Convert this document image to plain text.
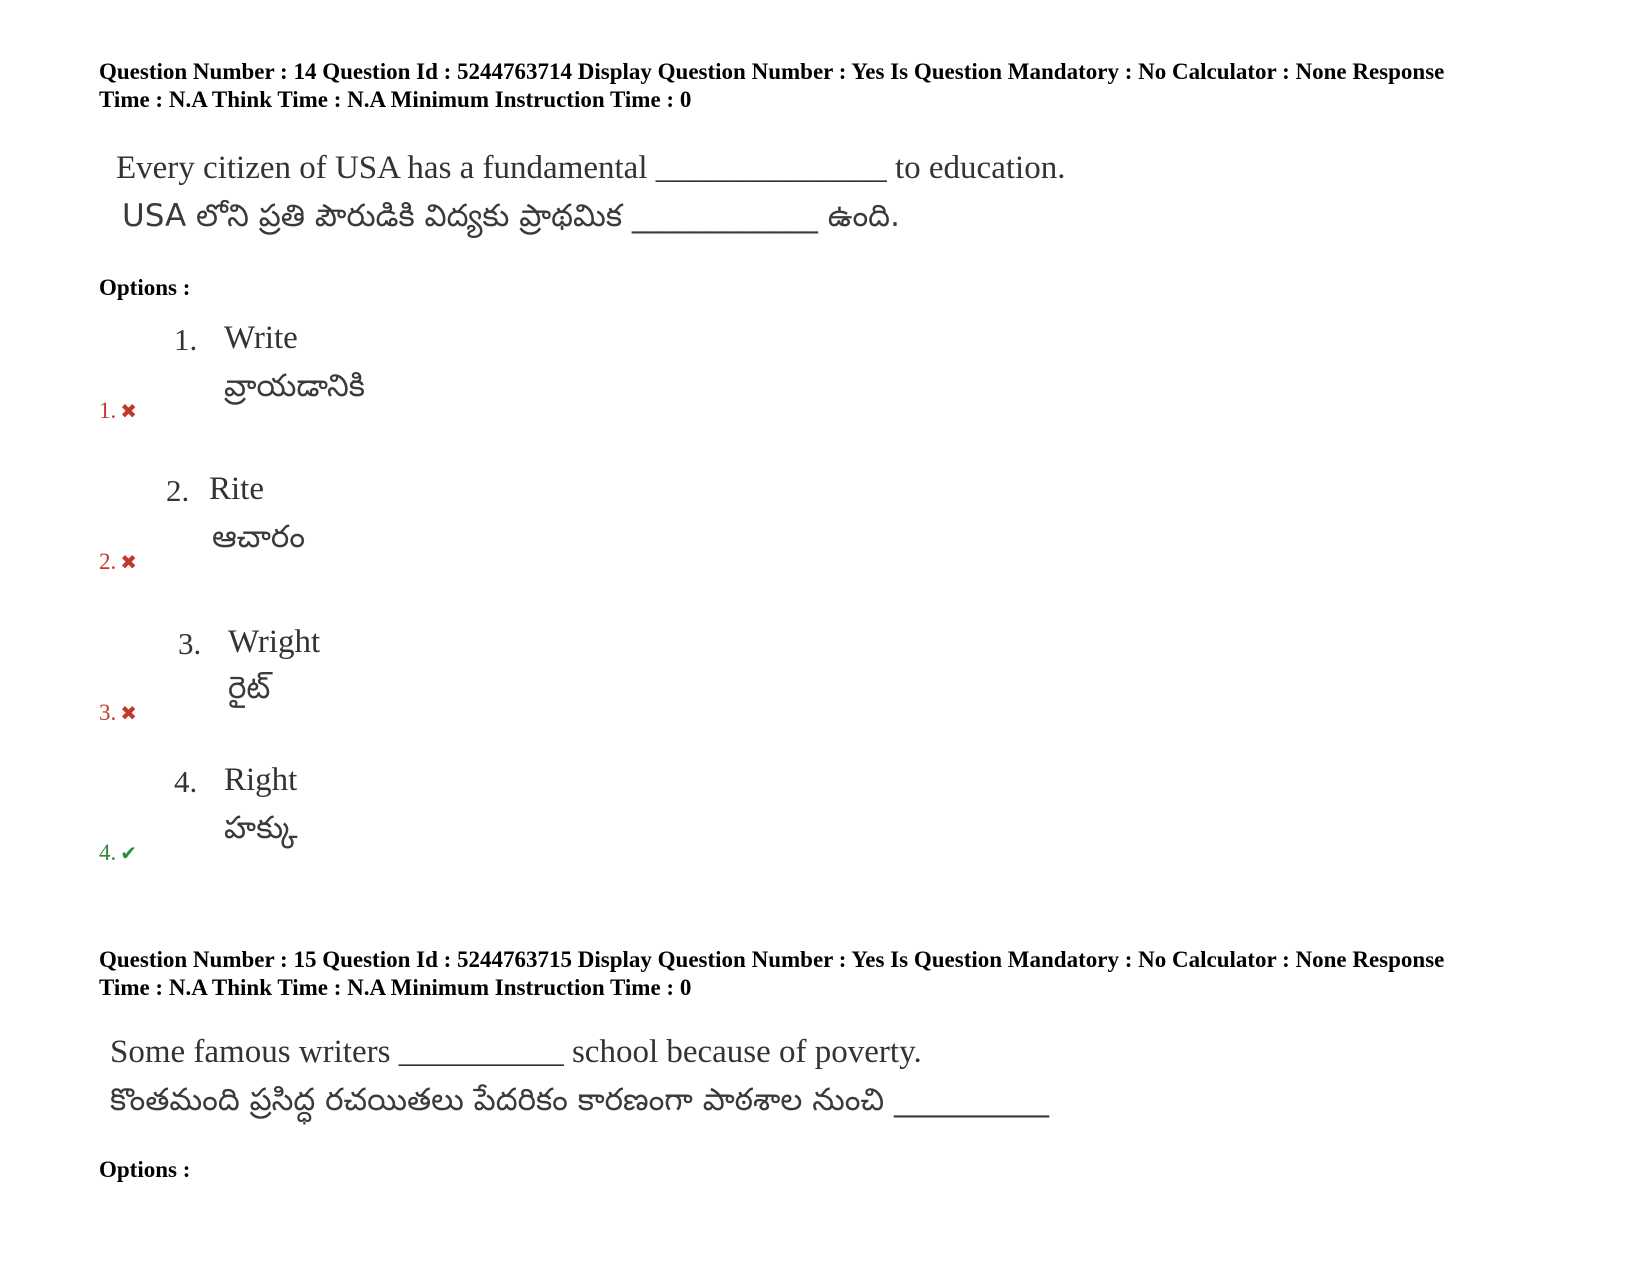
Question Number : 14 Question Id : 5244763714 Display Question Number : Yes Is Question Mandatory : No Calculator : None Response
Time : N.A Think Time : N.A Minimum Instruction Time : 0
Every citizen of USA has a fundamental ______________ to education.
USA లోని ప్రతి పౌరుడికి విద్యకు ప్రాథమిక ____________ ఉంది.
Options :
1. Write
వ్రాయడానికి
1. ✖
2. Rite
ఆచారం
2. ✖
3. Wright
రైట్
3. ✖
4. Right
హక్కు
4. ✔
Question Number : 15 Question Id : 5244763715 Display Question Number : Yes Is Question Mandatory : No Calculator : None Response
Time : N.A Think Time : N.A Minimum Instruction Time : 0
Some famous writers __________ school because of poverty.
కొంతమంది ప్రసిద్ధ రచయితలు పేదరికం కారణంగా పాఠశాల నుంచి __________
Options :
